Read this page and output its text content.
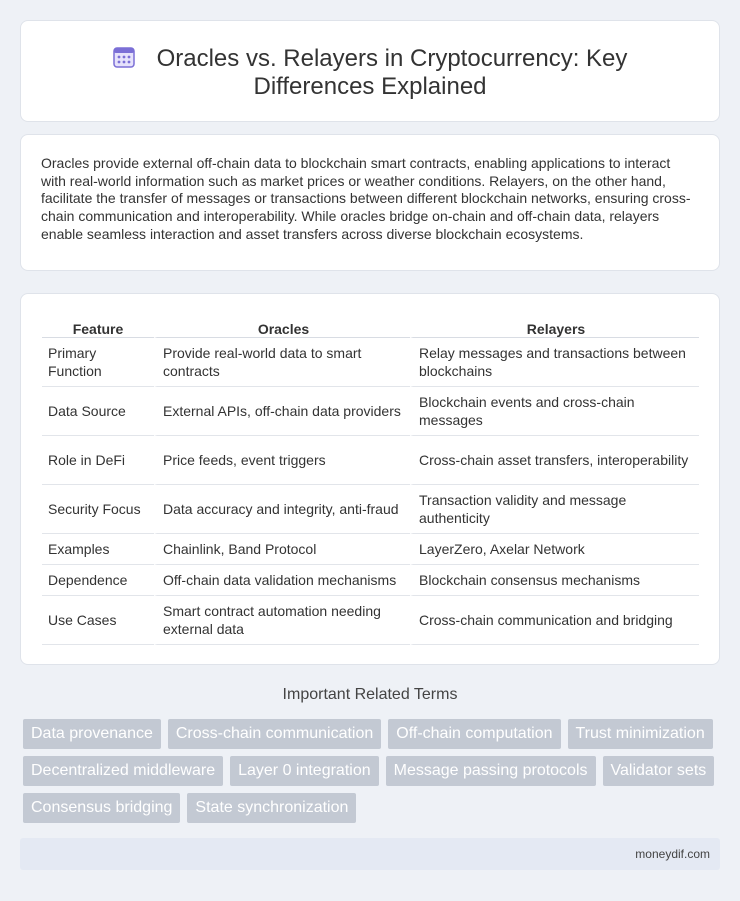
Oracles vs. Relayers in Cryptocurrency: Key Differences Explained

Oracles provide external off-chain data to blockchain smart contracts, enabling applications to interact with real-world information such as market prices or weather conditions. Relayers, on the other hand, facilitate the transfer of messages or transactions between different blockchain networks, ensuring cross-chain communication and interoperability. While oracles bridge on-chain and off-chain data, relayers enable seamless interaction and asset transfers across diverse blockchain ecosystems.

Feature	Oracles	Relayers
Primary Function	Provide real-world data to smart contracts	Relay messages and transactions between blockchains
Data Source	External APIs, off-chain data providers	Blockchain events and cross-chain messages
Role in DeFi	Price feeds, event triggers	Cross-chain asset transfers, interoperability
Security Focus	Data accuracy and integrity, anti-fraud	Transaction validity and message authenticity
Examples	Chainlink, Band Protocol	LayerZero, Axelar Network
Dependence	Off-chain data validation mechanisms	Blockchain consensus mechanisms
Use Cases	Smart contract automation needing external data	Cross-chain communication and bridging
Important Related Terms
Data provenance	Cross-chain communication	Off-chain computation	Trust minimization
Decentralized middleware	Layer 0 integration	Message passing protocols	Validator sets
Consensus bridging	State synchronization
moneydif.com
